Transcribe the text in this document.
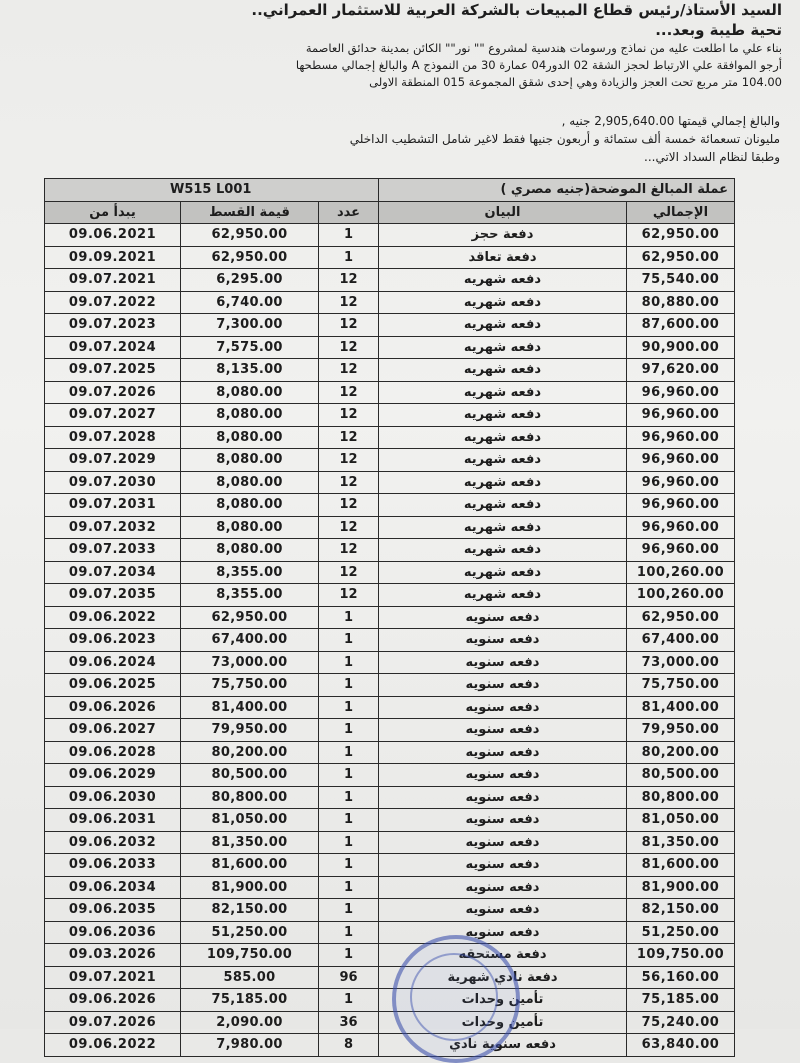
السيد الأستاذ/رئيس قطاع المبيعات بالشركة العربية للاستثمار العمراني..
تحية طيبة وبعد...
بناء علي ما اطلعت عليه من نماذج ورسومات هندسية لمشروع "" نور"" الكائن بمدينة حدائق العاصمة
أرجو الموافقة علي الارتباط لحجز الشقة 02 الدور04 عمارة 30 من النموذج A والبالغ إجمالي مسطحها
104.00 متر مربع تحت العجز والزيادة وهي إحدى شقق المجموعة 015 المنطقة الاولى
والبالغ إجمالي قيمتها 2,905,640.00 جنيه ,
مليونان تسعمائة خمسة ألف ستمائة و أربعون جنيها فقط لاغير شامل التشطيب الداخلي
وطبقا لنظام السداد الاتي...
W515 L001			عملة المبالغ الموضحة(جنيه مصري )	
يبدأ من	قيمة القسط	عدد	البيان	الإجمالي
09.06.2021	62,950.00	1	دفعة حجز	62,950.00
09.09.2021	62,950.00	1	دفعة تعاقد	62,950.00
09.07.2021	6,295.00	12	دفعه شهريه	75,540.00
09.07.2022	6,740.00	12	دفعه شهريه	80,880.00
09.07.2023	7,300.00	12	دفعه شهريه	87,600.00
09.07.2024	7,575.00	12	دفعه شهريه	90,900.00
09.07.2025	8,135.00	12	دفعه شهريه	97,620.00
09.07.2026	8,080.00	12	دفعه شهريه	96,960.00
09.07.2027	8,080.00	12	دفعه شهريه	96,960.00
09.07.2028	8,080.00	12	دفعه شهريه	96,960.00
09.07.2029	8,080.00	12	دفعه شهريه	96,960.00
09.07.2030	8,080.00	12	دفعه شهريه	96,960.00
09.07.2031	8,080.00	12	دفعه شهريه	96,960.00
09.07.2032	8,080.00	12	دفعه شهريه	96,960.00
09.07.2033	8,080.00	12	دفعه شهريه	96,960.00
09.07.2034	8,355.00	12	دفعه شهريه	100,260.00
09.07.2035	8,355.00	12	دفعه شهريه	100,260.00
09.06.2022	62,950.00	1	دفعه سنويه	62,950.00
09.06.2023	67,400.00	1	دفعه سنويه	67,400.00
09.06.2024	73,000.00	1	دفعه سنويه	73,000.00
09.06.2025	75,750.00	1	دفعه سنويه	75,750.00
09.06.2026	81,400.00	1	دفعه سنويه	81,400.00
09.06.2027	79,950.00	1	دفعه سنويه	79,950.00
09.06.2028	80,200.00	1	دفعه سنويه	80,200.00
09.06.2029	80,500.00	1	دفعه سنويه	80,500.00
09.06.2030	80,800.00	1	دفعه سنويه	80,800.00
09.06.2031	81,050.00	1	دفعه سنويه	81,050.00
09.06.2032	81,350.00	1	دفعه سنويه	81,350.00
09.06.2033	81,600.00	1	دفعه سنويه	81,600.00
09.06.2034	81,900.00	1	دفعه سنويه	81,900.00
09.06.2035	82,150.00	1	دفعه سنويه	82,150.00
09.06.2036	51,250.00	1	دفعه سنويه	51,250.00
09.03.2026	109,750.00	1	دفعة مستحقه	109,750.00
09.07.2021	585.00	96	دفعة نادي شهرية	56,160.00
09.06.2026	75,185.00	1	تأمين وحدات	75,185.00
09.07.2026	2,090.00	36	تأمين وحدات	75,240.00
09.06.2022	7,980.00	8	دفعه سنوية نادي	63,840.00
